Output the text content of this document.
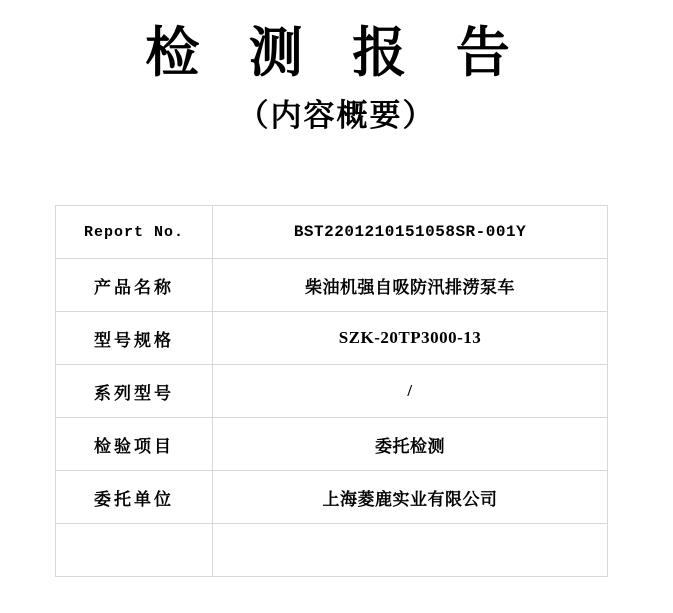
检 测 报 告
（内容概要）
Report No.	BST2201210151058SR-001Y
产品名称	柴油机强自吸防汛排涝泵车
型号规格	SZK-20TP3000-13
系列型号	/
检验项目	委托检测
委托单位	上海菱鹿实业有限公司
